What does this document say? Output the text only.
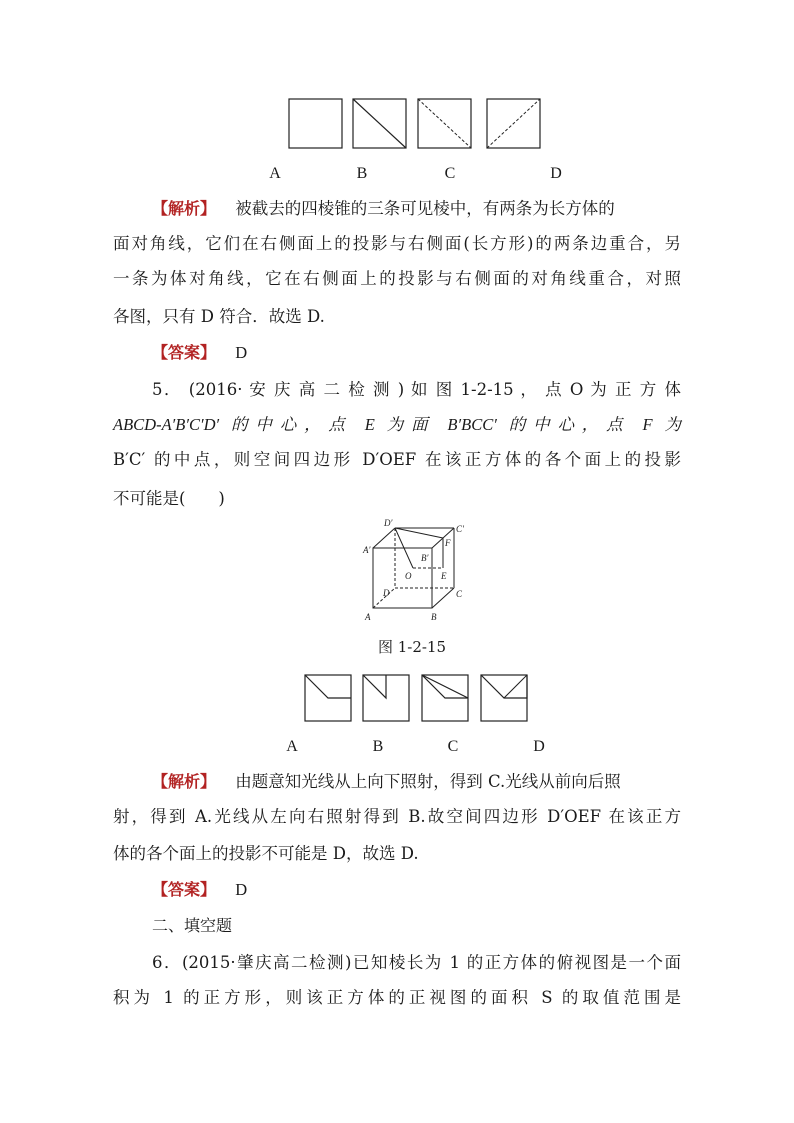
A	B	C	D
【解析】 被截去的四棱锥的三条可见棱中，有两条为长方体的
面对角线，它们在右侧面上的投影与右侧面(长方形)的两条边重合，另
一条为体对角线，它在右侧面上的投影与右侧面的对角线重合，对照
各图，只有 D 符合．故选 D.
【答案】 D
5． (2016· 安 庆 高 二 检 测 ) 如 图 1-2-15 ， 点 O 为 正 方 体
ABCD-A′B′C′D′ 的中心，点 E 为面 B′BCC′ 的中心，点 F 为
B′C′ 的中点，则空间四边形 D′OEF 在该正方体的各个面上的投影
不可能是(　　)
D′
C′
A′
B′
F
O	E
D	C
A	B
图 1-2-15
A	B	C	D
【解析】 由题意知光线从上向下照射，得到 C.光线从前向后照
射，得到 A.光线从左向右照射得到 B.故空间四边形 D′OEF 在该正方
体的各个面上的投影不可能是 D，故选 D.
【答案】 D
二、填空题
6．(2015·肇庆高二检测)已知棱长为 1 的正方体的俯视图是一个面
积为 1 的正方形，则该正方体的正视图的面积 S 的取值范围是
